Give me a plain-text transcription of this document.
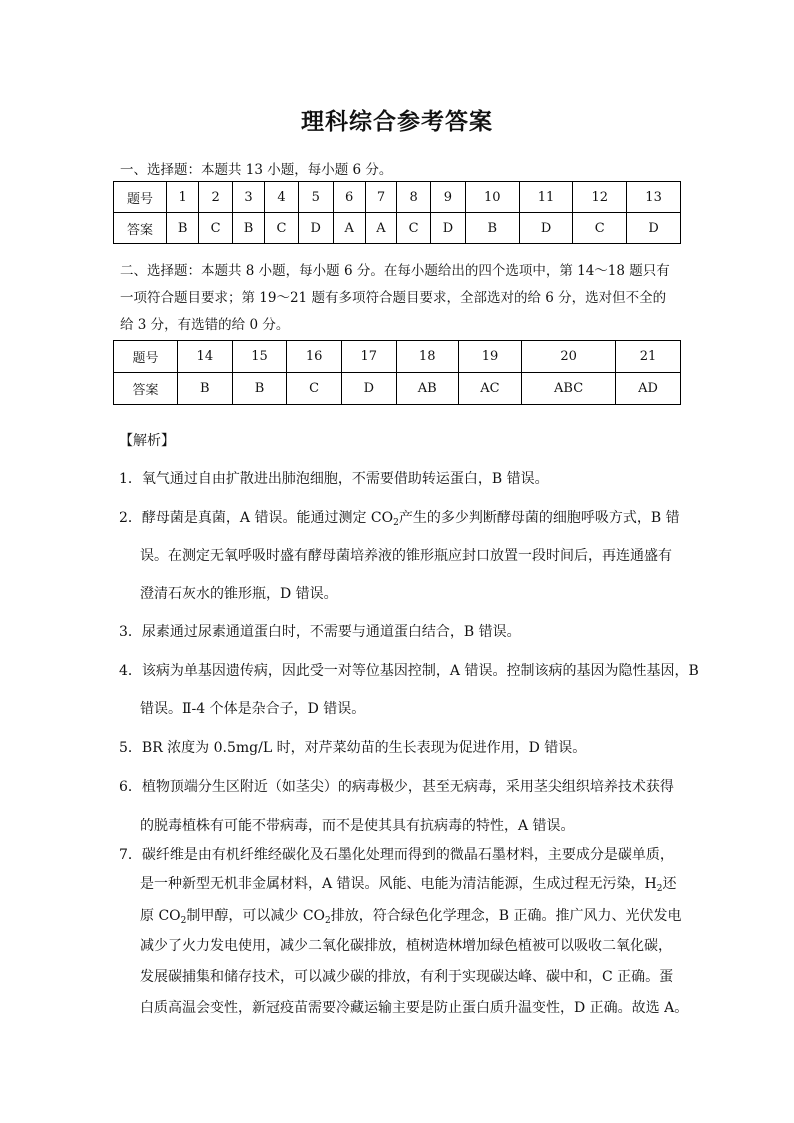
理科综合参考答案
一、选择题：本题共 13 小题，每小题 6 分。
题号	1	2	3	4	5	6	7	8	9	10	11	12	13
答案	B	C	B	C	D	A	A	C	D	B	D	C	D
二、选择题：本题共 8 小题，每小题 6 分。在每小题给出的四个选项中，第 14～18 题只有
一项符合题目要求；第 19～21 题有多项符合题目要求，全部选对的给 6 分，选对但不全的
给 3 分，有选错的给 0 分。
题号	14	15	16	17	18	19	20	21
答案	B	B	C	D	AB	AC	ABC	AD
【解析】
1．氧气通过自由扩散进出肺泡细胞，不需要借助转运蛋白，B 错误。
2．酵母菌是真菌，A 错误。能通过测定 $CO_2$产生的多少判断酵母菌的细胞呼吸方式，B 错
误。在测定无氧呼吸时盛有酵母菌培养液的锥形瓶应封口放置一段时间后，再连通盛有
澄清石灰水的锥形瓶，D 错误。
3．尿素通过尿素通道蛋白时，不需要与通道蛋白结合，B 错误。
4．该病为单基因遗传病，因此受一对等位基因控制，A 错误。控制该病的基因为隐性基因，B
错误。Ⅱ-4 个体是杂合子，D 错误。
5．BR 浓度为 0.5mg/L 时，对芹菜幼苗的生长表现为促进作用，D 错误。
6．植物顶端分生区附近（如茎尖）的病毒极少，甚至无病毒，采用茎尖组织培养技术获得
的脱毒植株有可能不带病毒，而不是使其具有抗病毒的特性，A 错误。
7．碳纤维是由有机纤维经碳化及石墨化处理而得到的微晶石墨材料，主要成分是碳单质，
是一种新型无机非金属材料，A 错误。风能、电能为清洁能源，生成过程无污染，$H_2$还
原 $CO_2$制甲醇，可以减少 $CO_2$排放，符合绿色化学理念，B 正确。推广风力、光伏发电
减少了火力发电使用，减少二氧化碳排放，植树造林增加绿色植被可以吸收二氧化碳，
发展碳捕集和储存技术，可以减少碳的排放，有利于实现碳达峰、碳中和，C 正确。蛋
白质高温会变性，新冠疫苗需要冷藏运输主要是防止蛋白质升温变性，D 正确。故选 A。
